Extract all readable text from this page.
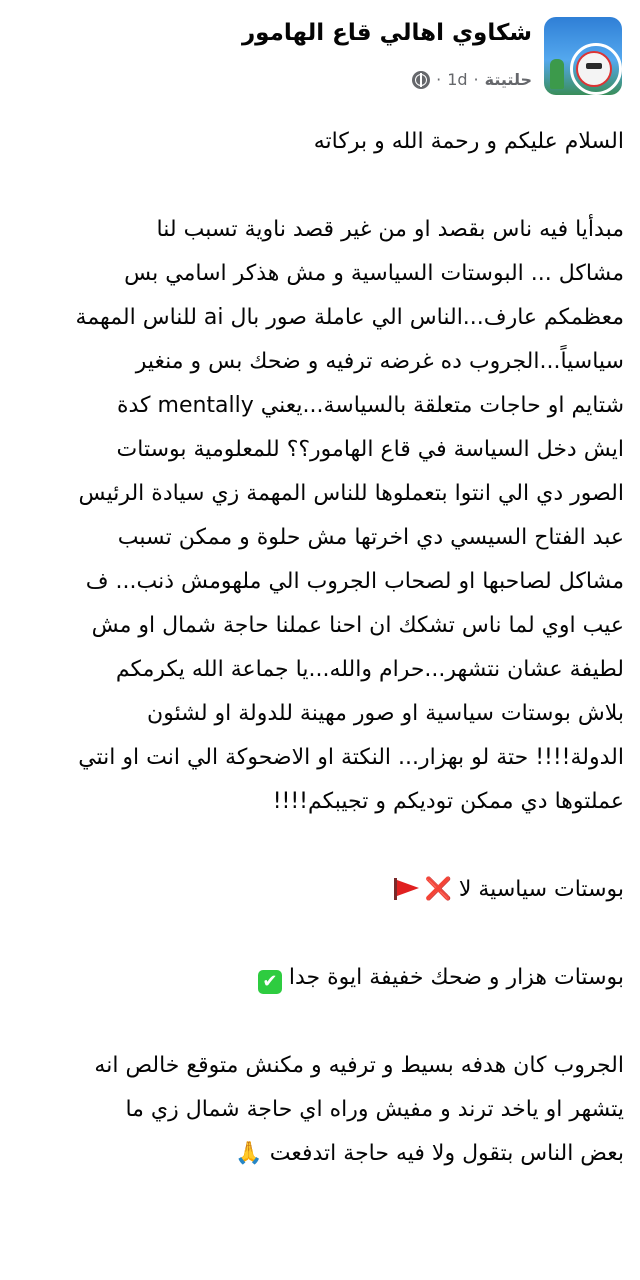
شكاوي اهالي قاع الهامور
حلتيتة
·
1d
·
السلام عليكم و رحمة الله و بركاته
مبدأيا فيه ناس بقصد او من غير قصد ناوية تسبب لنا
مشاكل ... البوستات السياسية و مش هذكر اسامي بس
معظمكم عارف...الناس الي عاملة صور بال ai للناس المهمة
سياسياً...الجروب ده غرضه ترفيه و ضحك بس و منغير
شتايم او حاجات متعلقة بالسياسة...يعني mentally كدة
ايش دخل السياسة في قاع الهامور؟؟ للمعلومية بوستات
الصور دي الي انتوا بتعملوها للناس المهمة زي سيادة الرئيس
عبد الفتاح السيسي دي اخرتها مش حلوة و ممكن تسبب
مشاكل لصاحبها او لصحاب الجروب الي ملهومش ذنب... ف
عيب اوي لما ناس تشكك ان احنا عملنا حاجة شمال او مش
لطيفة عشان نتشهر...حرام والله...يا جماعة الله يكرمكم
بلاش بوستات سياسية او صور مهينة للدولة او لشئون
الدولة!!!! حتة لو بهزار... النكتة او الاضحوكة الي انت او انتي
عملتوها دي ممكن توديكم و تجيبكم!!!!
بوستات سياسية لا ❌
بوستات هزار و ضحك خفيفة ايوة جدا ✔
الجروب كان هدفه بسيط و ترفيه و مكنش متوقع خالص انه
يتشهر او ياخد ترند و مفيش وراه اي حاجة شمال زي ما
بعض الناس بتقول ولا فيه حاجة اتدفعت 🙏
